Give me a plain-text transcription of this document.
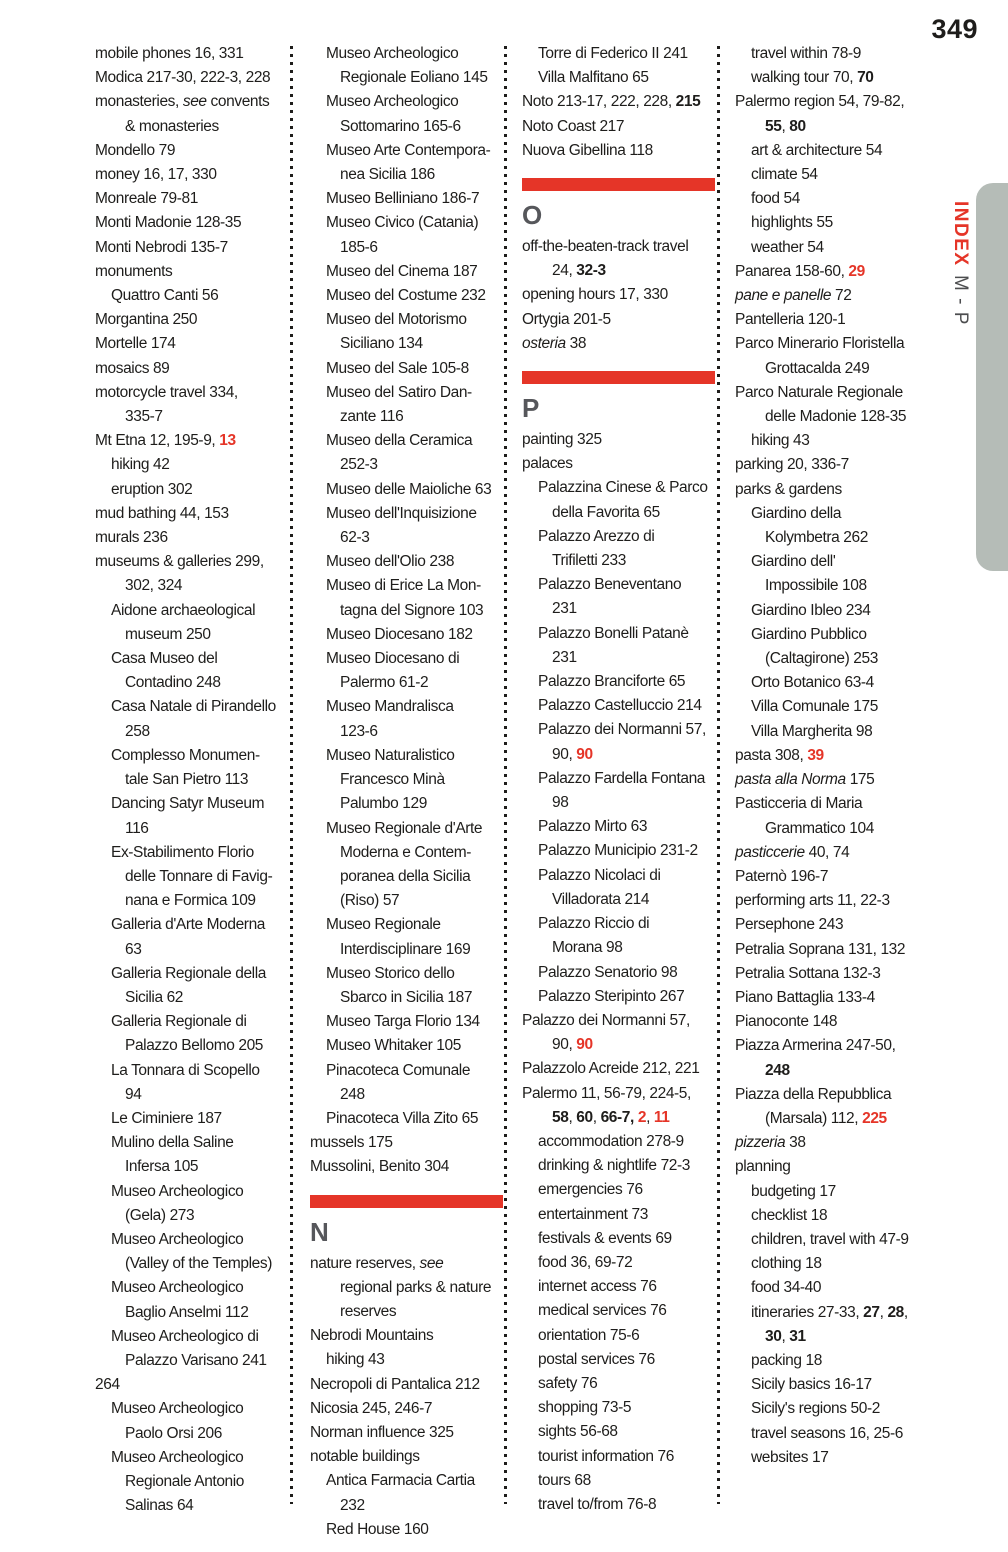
349
INDEXM - P
mobile phones 16, 331
Modica 217-30, 222-3, 228
monasteries, see convents
& monasteries
Mondello 79
money 16, 17, 330
Monreale 79-81
Monti Madonie 128-35
Monti Nebrodi 135-7
monuments
Quattro Canti 56
Morgantina 250
Mortelle 174
mosaics 89
motorcycle travel 334,
335-7
Mt Etna 12, 195-9, 13
hiking 42
eruption 302
mud bathing 44, 153
murals 236
museums & galleries 299,
302, 324
Aidone archaeological
museum 250
Casa Museo del
Contadino 248
Casa Natale di Pirandello
258
Complesso Monumen-
tale San Pietro 113
Dancing Satyr Museum
116
Ex-Stabilimento Florio
delle Tonnare di Favig-
nana e Formica 109
Galleria d'Arte Moderna
63
Galleria Regionale della
Sicilia 62
Galleria Regionale di
Palazzo Bellomo 205
La Tonnara di Scopello
94
Le Ciminiere 187
Mulino della Saline
Infersa 105
Museo Archeologico
(Gela) 273
Museo Archeologico
(Valley of the Temples)
Museo Archeologico
Baglio Anselmi 112
Museo Archeologico di
Palazzo Varisano 241
264
Museo Archeologico
Paolo Orsi 206
Museo Archeologico
Regionale Antonio
Salinas 64
Museo Archeologico
Regionale Eoliano 145
Museo Archeologico
Sottomarino 165-6
Museo Arte Contempora-
nea Sicilia 186
Museo Belliniano 186-7
Museo Civico (Catania)
185-6
Museo del Cinema 187
Museo del Costume 232
Museo del Motorismo
Siciliano 134
Museo del Sale 105-8
Museo del Satiro Dan-
zante 116
Museo della Ceramica
252-3
Museo delle Maioliche 63
Museo dell'Inquisizione
62-3
Museo dell'Olio 238
Museo di Erice La Mon-
tagna del Signore 103
Museo Diocesano 182
Museo Diocesano di
Palermo 61-2
Museo Mandralisca
123-6
Museo Naturalistico
Francesco Minà
Palumbo 129
Museo Regionale d'Arte
Moderna e Contem-
poranea della Sicilia
(Riso) 57
Museo Regionale
Interdisciplinare 169
Museo Storico dello
Sbarco in Sicilia 187
Museo Targa Florio 134
Museo Whitaker 105
Pinacoteca Comunale
248
Pinacoteca Villa Zito 65
mussels 175
Mussolini, Benito 304
N
nature reserves, see
regional parks & nature
reserves
Nebrodi Mountains
hiking 43
Necropoli di Pantalica 212
Nicosia 245, 246-7
Norman influence 325
notable buildings
Antica Farmacia Cartia
232
Red House 160
Torre di Federico II 241
Villa Malfitano 65
Noto 213-17, 222, 228, 215
Noto Coast 217
Nuova Gibellina 118
O
off-the-beaten-track travel
24, 32-3
opening hours 17, 330
Ortygia 201-5
osteria 38
P
painting 325
palaces
Palazzina Cinese & Parco
della Favorita 65
Palazzo Arezzo di
Trifiletti 233
Palazzo Beneventano
231
Palazzo Bonelli Patanè
231
Palazzo Branciforte 65
Palazzo Castelluccio 214
Palazzo dei Normanni 57,
90, 90
Palazzo Fardella Fontana
98
Palazzo Mirto 63
Palazzo Municipio 231-2
Palazzo Nicolaci di
Villadorata 214
Palazzo Riccio di
Morana 98
Palazzo Senatorio 98
Palazzo Steripinto 267
Palazzo dei Normanni 57,
90, 90
Palazzolo Acreide 212, 221
Palermo 11, 56-79, 224-5,
58, 60, 66-7, 2, 11
accommodation 278-9
drinking & nightlife 72-3
emergencies 76
entertainment 73
festivals & events 69
food 36, 69-72
internet access 76
medical services 76
orientation 75-6
postal services 76
safety 76
shopping 73-5
sights 56-68
tourist information 76
tours 68
travel to/from 76-8
travel within 78-9
walking tour 70, 70
Palermo region 54, 79-82,
55, 80
art & architecture 54
climate 54
food 54
highlights 55
weather 54
Panarea 158-60, 29
pane e panelle 72
Pantelleria 120-1
Parco Minerario Floristella
Grottacalda 249
Parco Naturale Regionale
delle Madonie 128-35
hiking 43
parking 20, 336-7
parks & gardens
Giardino della
Kolymbetra 262
Giardino dell'
Impossibile 108
Giardino Ibleo 234
Giardino Pubblico
(Caltagirone) 253
Orto Botanico 63-4
Villa Comunale 175
Villa Margherita 98
pasta 308, 39
pasta alla Norma 175
Pasticceria di Maria
Grammatico 104
pasticcerie 40, 74
Paternò 196-7
performing arts 11, 22-3
Persephone 243
Petralia Soprana 131, 132
Petralia Sottana 132-3
Piano Battaglia 133-4
Pianoconte 148
Piazza Armerina 247-50,
248
Piazza della Repubblica
(Marsala) 112, 225
pizzeria 38
planning
budgeting 17
checklist 18
children, travel with 47-9
clothing 18
food 34-40
itineraries 27-33, 27, 28,
30, 31
packing 18
Sicily basics 16-17
Sicily's regions 50-2
travel seasons 16, 25-6
websites 17
